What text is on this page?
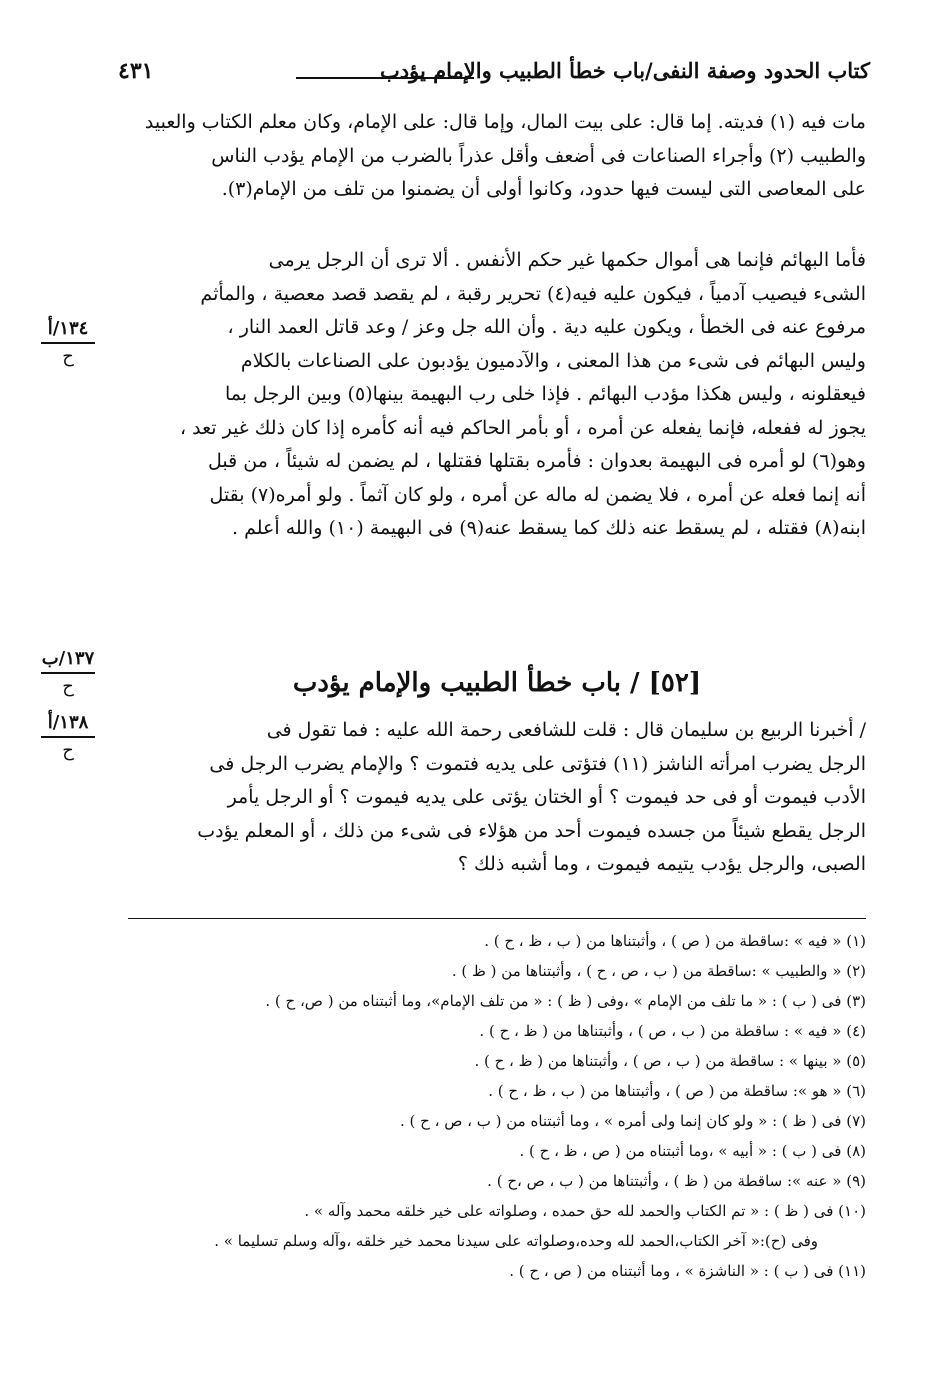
كتاب الحدود وصفة النفى/باب خطأ الطبيب والإمام يؤدب
٤٣١
مات فيه (١) فديته. إما قال: على بيت المال، وإما قال: على الإمام، وكان معلم الكتاب والعبيد
والطبيب (٢) وأجراء الصناعات فى أضعف وأقل عذراً بالضرب من الإمام يؤدب الناس
على المعاصى التى ليست فيها حدود، وكانوا أولى أن يضمنوا من تلف من الإمام(٣).
فأما البهائم فإنما هى أموال حكمها غير حكم الأنفس . ألا ترى أن الرجل يرمى
الشىء فيصيب آدمياً ، فيكون عليه فيه(٤) تحرير رقبة ، لم يقصد قصد معصية ، والمأثم
مرفوع عنه فى الخطأ ، ويكون عليه دية . وأن الله جل وعز / وعد قاتل العمد النار ،
وليس البهائم فى شىء من هذا المعنى ، والآدميون يؤدبون على الصناعات بالكلام
فيعقلونه ، وليس هكذا مؤدب البهائم . فإذا خلى رب البهيمة بينها(٥) وبين الرجل بما
يجوز له ففعله، فإنما يفعله عن أمره ، أو بأمر الحاكم فيه أنه كأمره إذا كان ذلك غير تعد ،
وهو(٦) لو أمره فى البهيمة بعدوان : فأمره بقتلها فقتلها ، لم يضمن له شيئاً ، من قبل
أنه إنما فعله عن أمره ، فلا يضمن له ماله عن أمره ، ولو كان آثماً . ولو أمره(٧) بقتل
ابنه(٨) فقتله ، لم يسقط عنه ذلك كما يسقط عنه(٩) فى البهيمة (١٠) والله أعلم .
١٣٤/أ
ح
١٣٧/ب
ح
١٣٨/أ
ح
[٥٢] / باب خطأ الطبيب والإمام يؤدب
/ أخبرنا الربيع بن سليمان قال : قلت للشافعى رحمة الله عليه : فما تقول فى
الرجل يضرب امرأته الناشز (١١) فتؤتى على يديه فتموت ؟ والإمام يضرب الرجل فى
الأدب فيموت أو فى حد فيموت ؟ أو الختان يؤتى على يديه فيموت ؟ أو الرجل يأمر
الرجل يقطع شيئاً من جسده فيموت أحد من هؤلاء فى شىء من ذلك ، أو المعلم يؤدب
الصبى، والرجل يؤدب يتيمه فيموت ، وما أشبه ذلك ؟
(١) « فيه » :ساقطة من ( ص ) ، وأثبتناها من ( ب ، ظ ، ح ) .
(٢) « والطبيب » :ساقطة من ( ب ، ص ، ح ) ، وأثبتناها من ( ظ ) .
(٣) فى ( ب ) : « ما تلف من الإمام » ،وفى ( ظ ) : « من تلف الإمام»، وما أثبتناه من ( ص، ح ) .
(٤) « فيه » : ساقطة من ( ب ، ص ) ، وأثبتناها من ( ظ ، ح ) .
(٥) « بينها » : ساقطة من ( ب ، ص ) ، وأثبتناها من ( ظ ، ح ) .
(٦) « هو »: ساقطة من ( ص ) ، وأثبتناها من ( ب ، ظ ، ح ) .
(٧) فى ( ظ ) : « ولو كان إنما ولى أمره » ، وما أثبتناه من ( ب ، ص ، ح ) .
(٨) فى ( ب ) : « أبيه » ،وما أثبتناه من ( ص ، ظ ، ح ) .
(٩) « عنه »: ساقطة من ( ظ ) ، وأثبتناها من ( ب ، ص ،ح ) .
(١٠) فى ( ظ ) : « تم الكتاب والحمد لله حق حمده ، وصلواته على خير خلقه محمد وآله » .
وفى (ح):« آخر الكتاب،الحمد لله وحده،وصلواته على سيدنا محمد خير خلقه ،وآله وسلم تسليما » .
(١١) فى ( ب ) : « الناشزة » ، وما أثبتناه من ( ص ، ح ) .
